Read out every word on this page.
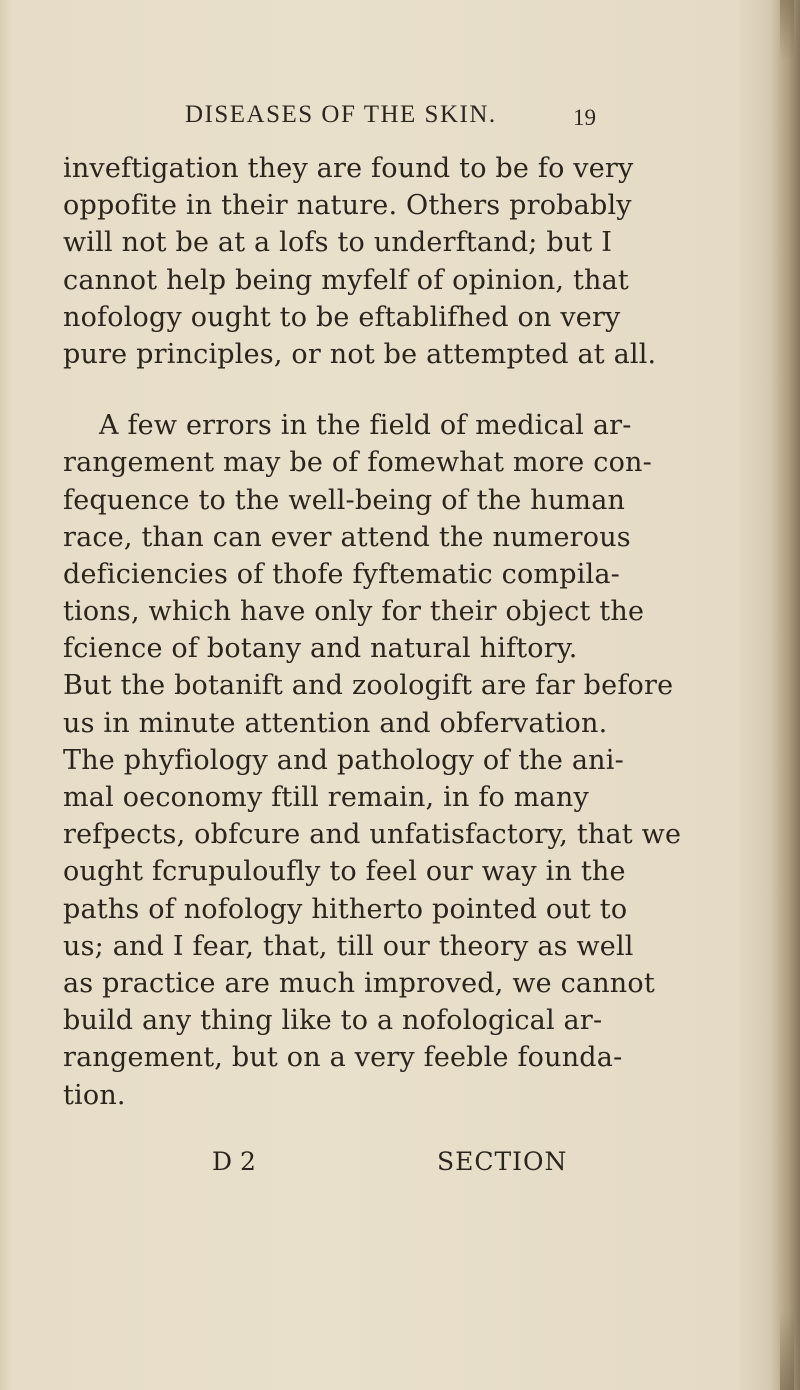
DISEASES OF THE SKIN.	19
inveftigation they are found to be fo very
oppofite in their nature. Others probably
will not be at a lofs to underftand; but I
cannot help being myfelf of opinion, that
nofology ought to be eftablifhed on very
pure principles, or not be attempted at all.
A few errors in the field of medical ar-
rangement may be of fomewhat more con-
fequence to the well-being of the human
race, than can ever attend the numerous
deficiencies of thofe fyftematic compila-
tions, which have only for their object the
fcience of botany and natural hiftory.
But the botanift and zoologift are far before
us in minute attention and obfervation.
The phyfiology and pathology of the ani-
mal oeconomy ftill remain, in fo many
refpects, obfcure and unfatisfactory, that we
ought fcrupuloufly to feel our way in the
paths of nofology hitherto pointed out to
us; and I fear, that, till our theory as well
as practice are much improved, we cannot
build any thing like to a nofological ar-
rangement, but on a very feeble founda-
tion.
D 2	SECTION
